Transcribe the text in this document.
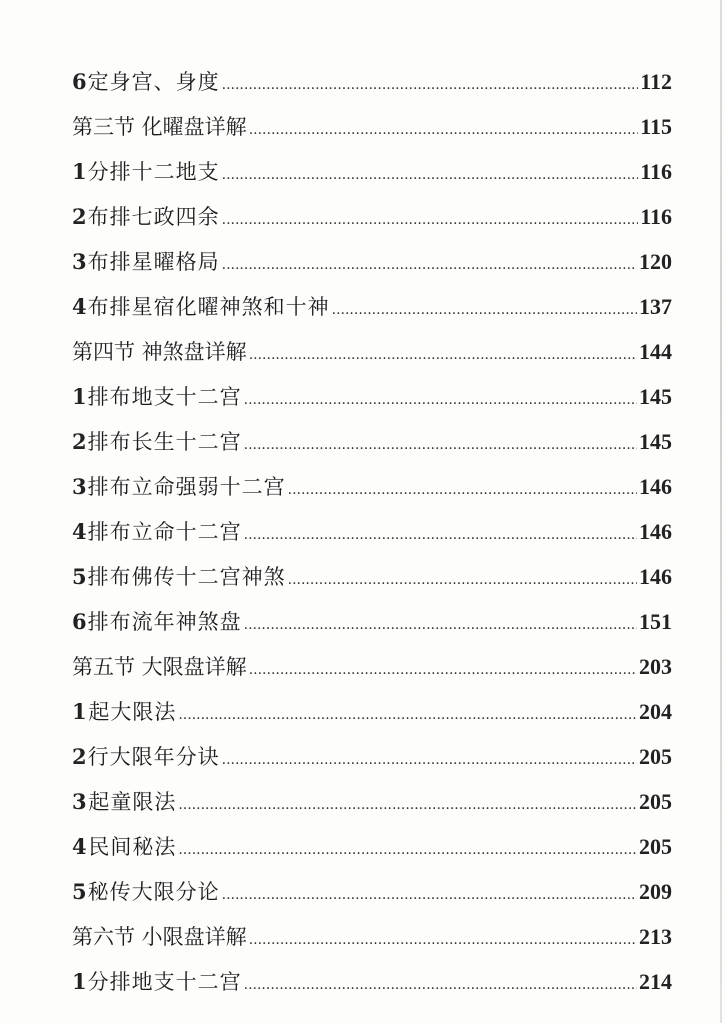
6 定身宫、身度 .....	112
第三节 化曜盘详解 .....	115
1 分排十二地支 .....	116
2 布排七政四余 .....	116
3 布排星曜格局 .....	120
4 布排星宿化曜神煞和十神 .....	137
第四节 神煞盘详解 .....	144
1 排布地支十二宫 .....	145
2 排布长生十二宫 .....	145
3 排布立命强弱十二宫 .....	146
4 排布立命十二宫 .....	146
5 排布佛传十二宫神煞 .....	146
6 排布流年神煞盘 .....	151
第五节 大限盘详解 .....	203
1 起大限法 .....	204
2 行大限年分诀 .....	205
3 起童限法 .....	205
4 民间秘法 .....	205
5 秘传大限分论 .....	209
第六节 小限盘详解 .....	213
1 分排地支十二宫 .....	214
